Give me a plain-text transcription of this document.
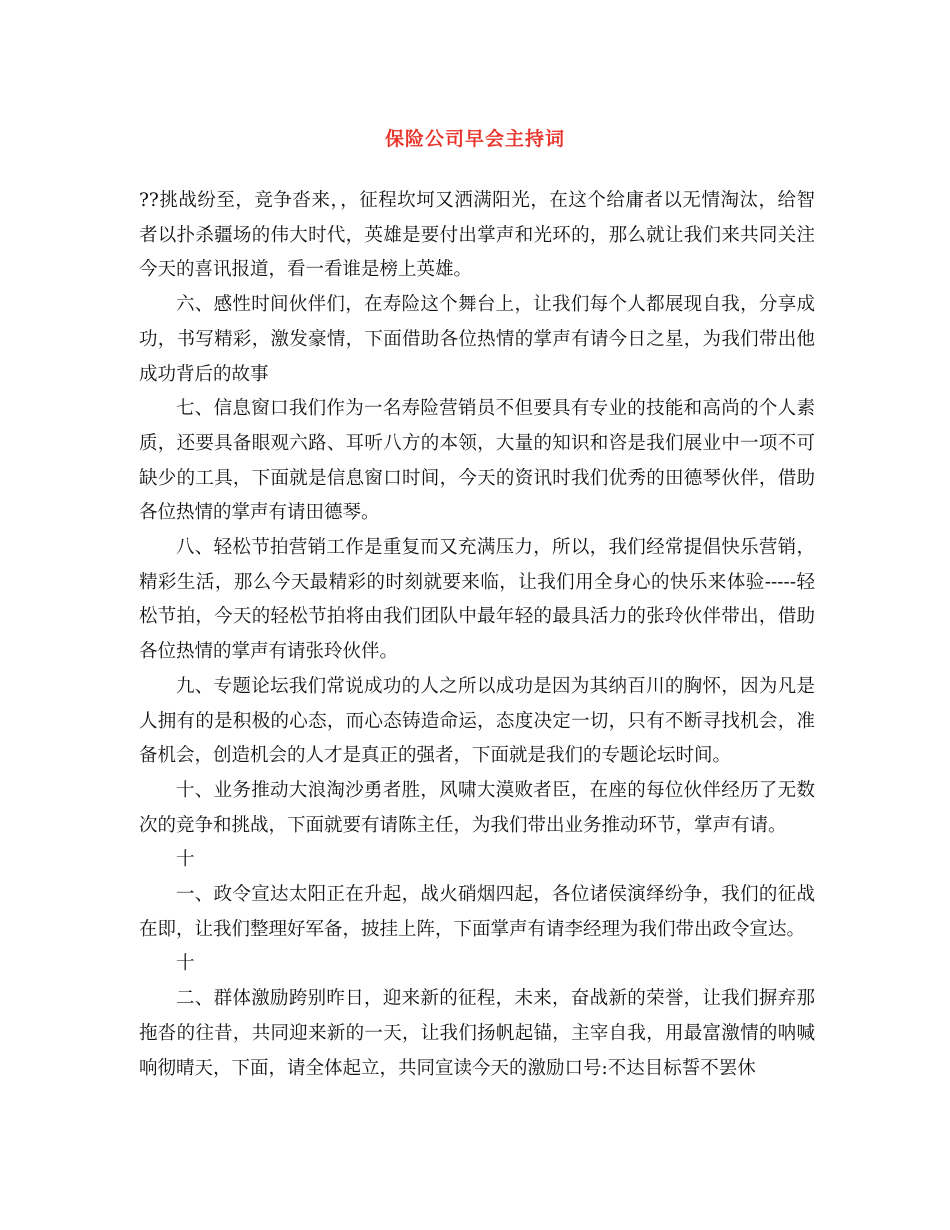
保险公司早会主持词

??挑战纷至，竞争沓来，，征程坎坷又洒满阳光，在这个给庸者以无情淘汰，给智者以扑杀疆场的伟大时代，英雄是要付出掌声和光环的，那么就让我们来共同关注今天的喜讯报道，看一看谁是榜上英雄。

六、感性时间伙伴们，在寿险这个舞台上，让我们每个人都展现自我，分享成功，书写精彩，激发豪情，下面借助各位热情的掌声有请今日之星，为我们带出他成功背后的故事

七、信息窗口我们作为一名寿险营销员不但要具有专业的技能和高尚的个人素质，还要具备眼观六路、耳听八方的本领，大量的知识和咨是我们展业中一项不可缺少的工具，下面就是信息窗口时间，今天的资讯时我们优秀的田德琴伙伴，借助各位热情的掌声有请田德琴。

八、轻松节拍营销工作是重复而又充满压力，所以，我们经常提倡快乐营销，精彩生活，那么今天最精彩的时刻就要来临，让我们用全身心的快乐来体验-----轻松节拍，今天的轻松节拍将由我们团队中最年轻的最具活力的张玲伙伴带出，借助各位热情的掌声有请张玲伙伴。

九、专题论坛我们常说成功的人之所以成功是因为其纳百川的胸怀，因为凡是人拥有的是积极的心态，而心态铸造命运，态度决定一切，只有不断寻找机会，准备机会，创造机会的人才是真正的强者，下面就是我们的专题论坛时间。

十、业务推动大浪淘沙勇者胜，风啸大漠败者臣，在座的每位伙伴经历了无数次的竞争和挑战，下面就要有请陈主任，为我们带出业务推动环节，掌声有请。

十

一、政令宣达太阳正在升起，战火硝烟四起，各位诸侯演绎纷争，我们的征战在即，让我们整理好军备，披挂上阵，下面掌声有请李经理为我们带出政令宣达。

十

二、群体激励跨别昨日，迎来新的征程，未来，奋战新的荣誉，让我们摒弃那拖沓的往昔，共同迎来新的一天，让我们扬帆起锚，主宰自我，用最富激情的呐喊响彻晴天，下面，请全体起立，共同宣读今天的激励口号:不达目标誓不罢休
